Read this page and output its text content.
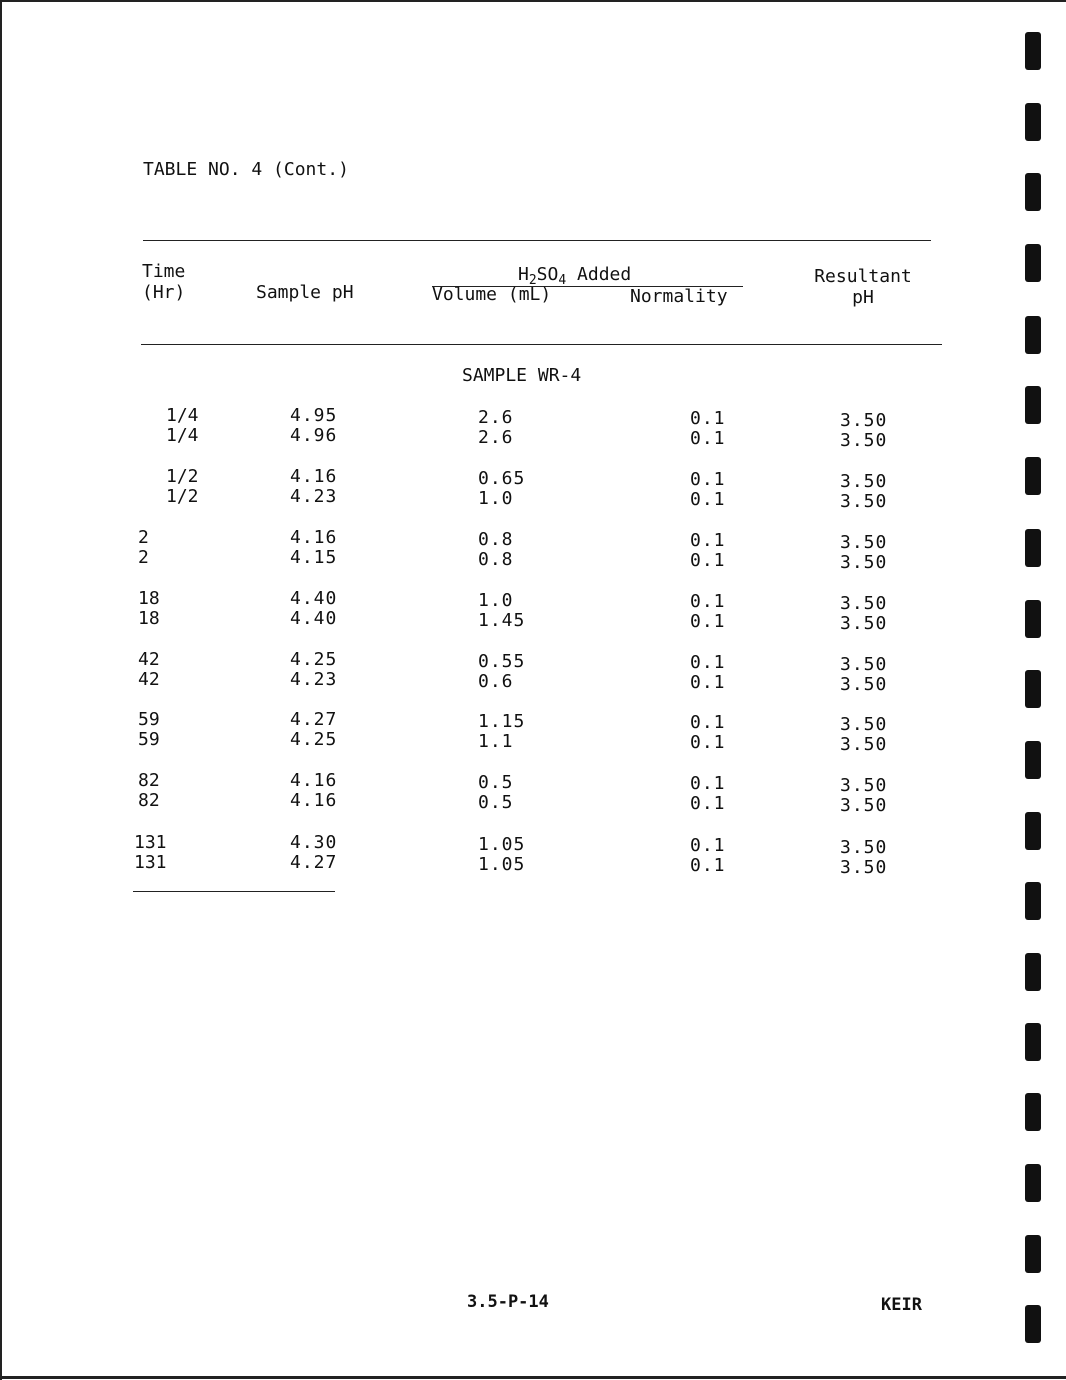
TABLE NO. 4 (Cont.)
Time
(Hr)	Sample pH
$H_2SO_4$ Added
Volume (mL)	Normality
Resultant
pH
SAMPLE WR-4
1/4	4.95	2.6	0.1	3.50
1/4	4.96	2.6	0.1	3.50
1/2	4.16	0.65	0.1	3.50
1/2	4.23	1.0	0.1	3.50
2	4.16	0.8	0.1	3.50
2	4.15	0.8	0.1	3.50
18	4.40	1.0	0.1	3.50
18	4.40	1.45	0.1	3.50
42	4.25	0.55	0.1	3.50
42	4.23	0.6	0.1	3.50
59	4.27	1.15	0.1	3.50
59	4.25	1.1	0.1	3.50
82	4.16	0.5	0.1	3.50
82	4.16	0.5	0.1	3.50
131	4.30	1.05	0.1	3.50
131	4.27	1.05	0.1	3.50
3.5-P-14	KEIR
